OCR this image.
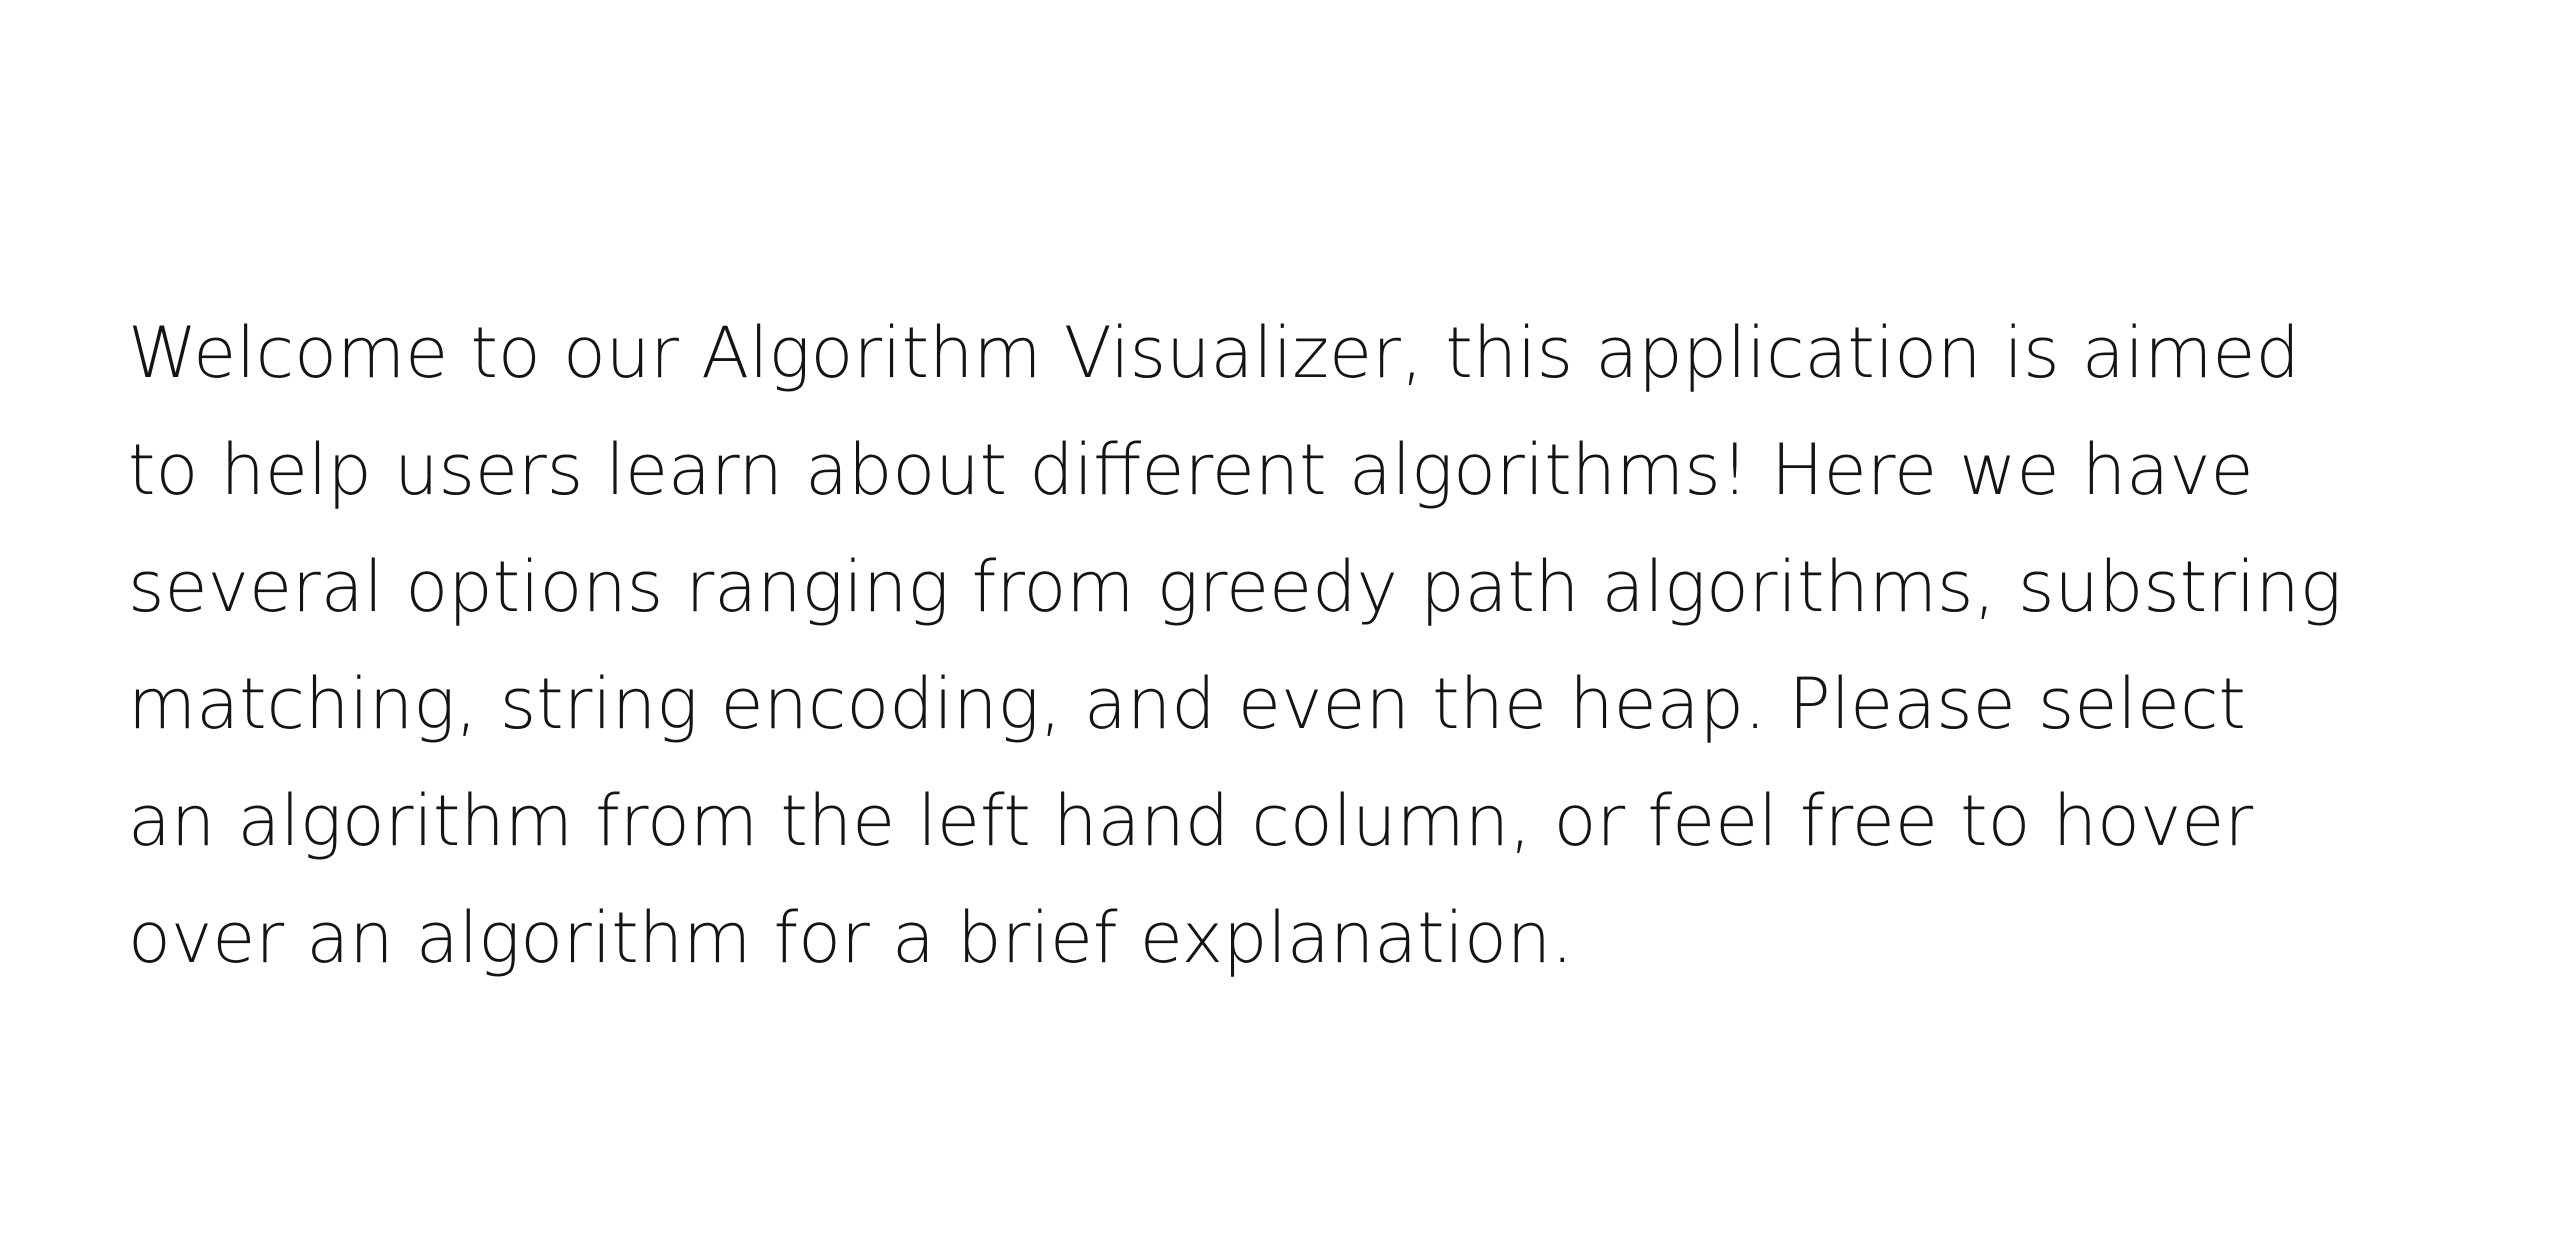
Welcome to our Algorithm Visualizer, this application is aimed
to help users learn about different algorithms! Here we have
several options ranging from greedy path algorithms, substring
matching, string encoding, and even the heap. Please select
an algorithm from the left hand column, or feel free to hover
over an algorithm for a brief explanation.
